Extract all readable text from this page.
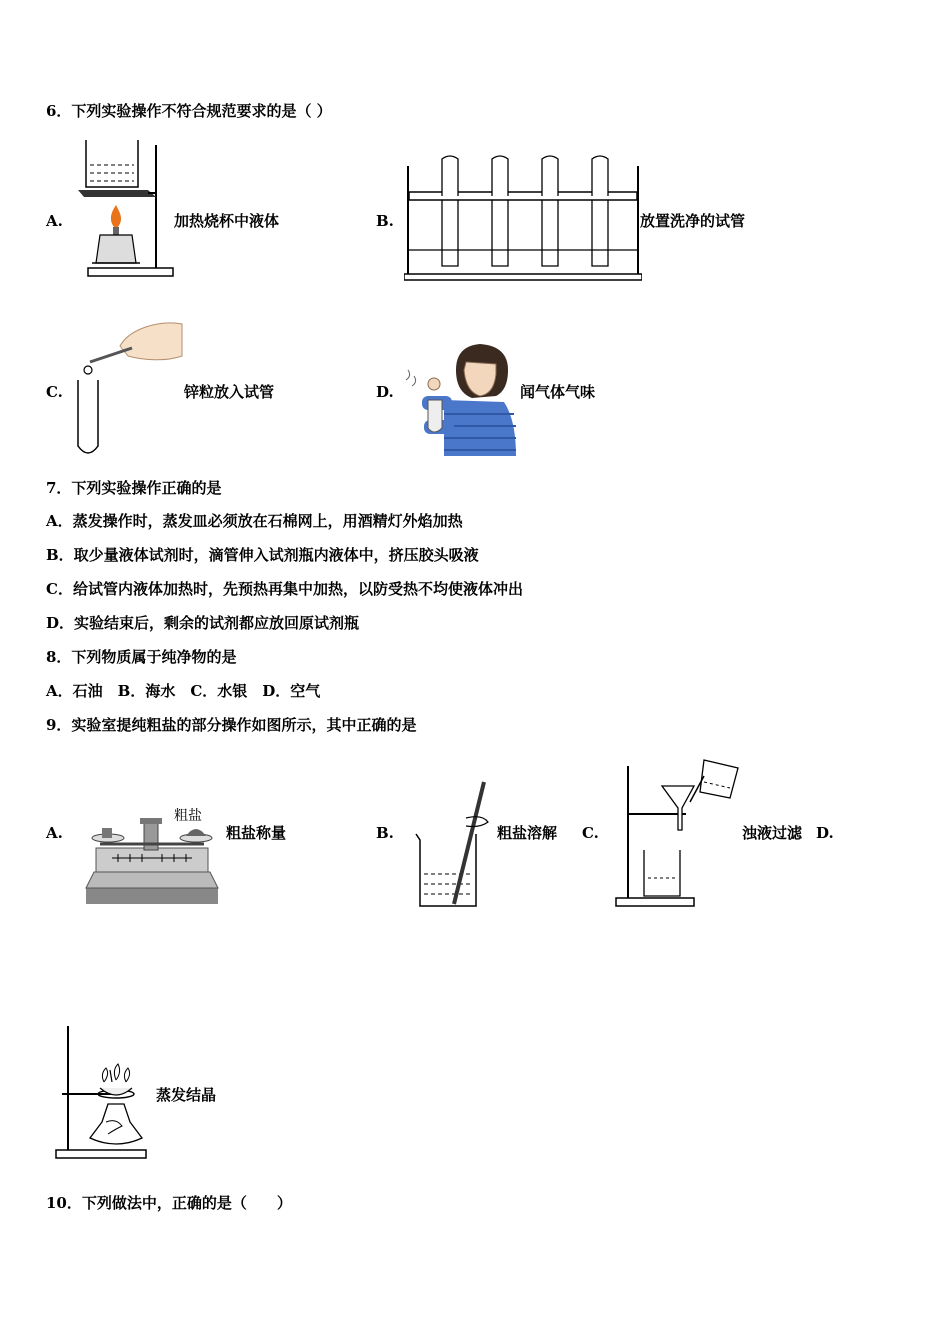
6．下列实验操作不符合规范要求的是（ ）
A.	加热烧杯中液体	B.	放置洗净的试管
C.	锌粒放入试管	D.	闻气体气味
7．下列实验操作正确的是
A．蒸发操作时，蒸发皿必须放在石棉网上，用酒精灯外焰加热
B．取少量液体试剂时，滴管伸入试剂瓶内液体中，挤压胶头吸液
C．给试管内液体加热时，先预热再集中加热，以防受热不均使液体冲出
D．实验结束后，剩余的试剂都应放回原试剂瓶
8．下列物质属于纯净物的是
A．石油　B．海水　C．水银　D．空气
9．实验室提纯粗盐的部分操作如图所示，其中正确的是
A.
粗盐
粗盐称量	B.	粗盐溶解 C.	浊液过滤 D.
蒸发结晶
10．下列做法中，正确的是（　　）
